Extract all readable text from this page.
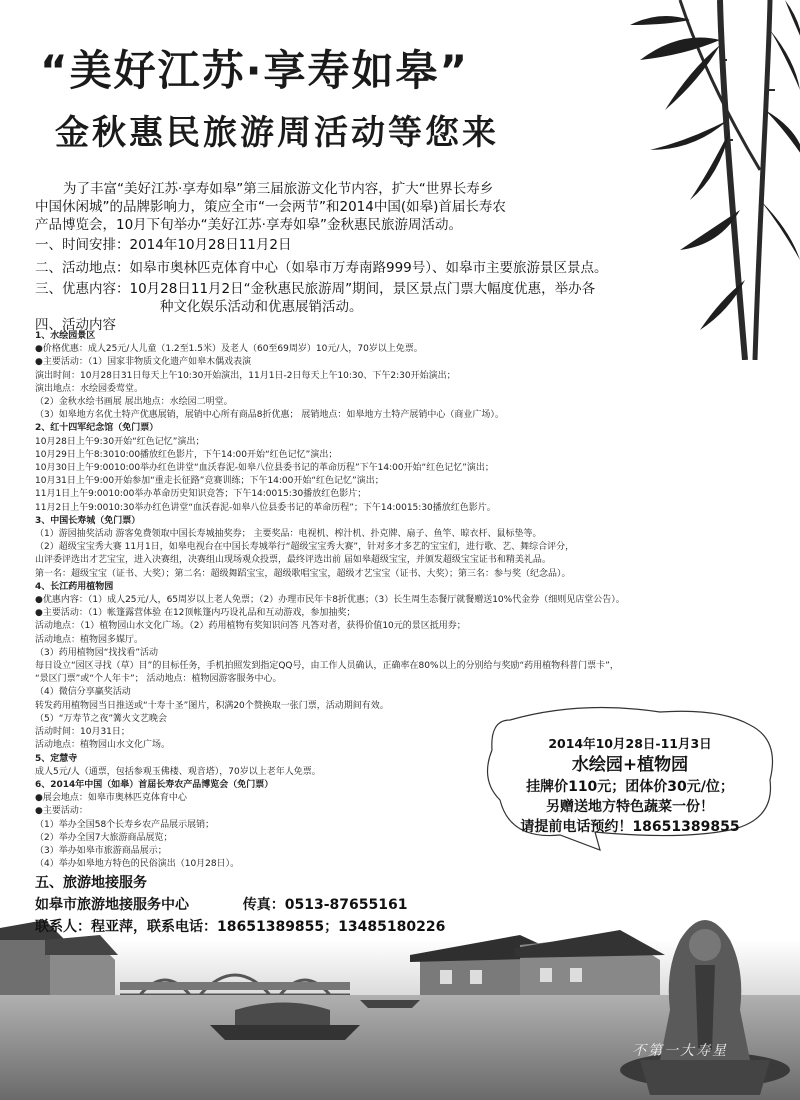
“美好江苏·享寿如皋”
金秋惠民旅游周活动等您来

为了丰富“美好江苏·享寿如皋”第三届旅游文化节内容，扩大“世界长寿乡

中国休闲城”的品牌影响力，策应全市“一会两节”和2014中国(如皋)首届长寿农

产品博览会，10月下旬举办“美好江苏·享寿如皋”金秋惠民旅游周活动。

一、时间安排：2014年10月28日11月2日
二、活动地点：如皋市奥林匹克体育中心（如皋市万寿南路999号）、如皋市主要旅游景区景点。
三、优惠内容：10月28日11月2日“金秋惠民旅游周”期间，景区景点门票大幅度优惠，举办各
种文化娱乐活动和优惠展销活动。
四、活动内容
1、水绘园景区
●价格优惠：成人25元/人儿童（1.2至1.5米）及老人（60至69周岁）10元/人，70岁以上免票。
●主要活动：（1）国家非物质文化遗产如皋木偶戏表演
演出时间：10月28日31日每天上午10:30开始演出，11月1日-2日每天上午10:30、下午2:30开始演出；
演出地点：水绘园委莺堂。
（2）金秋水绘书画展 展出地点：水绘园二明堂。
（3）如皋地方名优土特产优惠展销，展销中心所有商品8折优惠； 展销地点：如皋地方土特产展销中心（商业广场）。
2、红十四军纪念馆（免门票）
10月28日上午9:30开始“红色记忆”演出；
10月29日上午8:3010:00播放红色影片，下午14:00开始“红色记忆”演出；
10月30日上午9:0010:00举办红色讲堂“血沃春泥-如皋八位县委书记的革命历程”下午14:00开始“红色记忆”演出；
10月31日上午9:00开始参加“重走长征路”竞赛训练；下午14:00开始“红色记忆”演出；
11月1日上午9:0010:00举办革命历史知识竞答；下午14:0015:30播放红色影片；
11月2日上午9:0010:30举办红色讲堂“血沃春泥-如皋八位县委书记的革命历程”；下午14:0015:30播放红色影片。
3、中国长寿城（免门票）
（1）游园抽奖活动 游客免费领取中国长寿城抽奖券； 主要奖品：电视机、榨汁机、扑克牌、扇子、鱼竿、晾衣杆、鼠标垫等。
（2）超级宝宝秀大赛 11月1日，如皋电视台在中国长寿城举行“超级宝宝秀大赛”，针对多才多艺的宝宝们，进行歌、艺、舞综合评分，
山评委评选出才艺宝宝，进入决赛组，决赛组山现场观众投票，最终评选出前 届如皋超级宝宝，并颁发超级宝宝证书和精美礼品。
第一名：超级宝宝（证书、大奖）；第二名：超级舞蹈宝宝，超级歌唱宝宝，超级才艺宝宝（证书、大奖）；第三名：参与奖（纪念品）。
4、长江药用植物园
●优惠内容：（1）成人25元/人，65周岁以上老人免票；（2）办理市民年卡8折优惠；（3）长生周生态餐厅就餐赠送10%代金券（细则见店堂公告）。
●主要活动：（1）帐篷露营体验 在12顶帐篷内巧设礼品和互动游戏，参加抽奖；
活动地点：（1）植物园山水文化广场。（2）药用植物有奖知识问答 凡答对者，获得价值10元的景区抵用券；
活动地点：植物园多媒厅。
（3）药用植物园“找找看”活动
每日设立“园区寻找（草）目”的目标任务，手机拍照发到指定QQ号，由工作人员确认，正确率在80%以上的分别给与奖励“药用植物科普门票卡”，
“景区门票”或“个人年卡”； 活动地点：植物园游客服务中心。
（4）微信分享赢奖活动
转发药用植物园当日推送或“十寿十圣”图片，积满20个赞换取一张门票，活动期间有效。
（5）“万寿节之夜”篝火文艺晚会
活动时间：10月31日；
活动地点：植物园山水文化广场。
5、定慧寺
成人5元/人（通票，包括参观玉佛楼、观音塔），70岁以上老年人免票。
6、2014年中国（如皋）首届长寿农产品博览会（免门票）
●展会地点：如皋市奥林匹克体育中心
●主要活动：
（1）举办全国58个长寿乡农产品展示展销；
（2）举办全国7大旅游商品展览；
（3）举办如皋市旅游商品展示；
（4）举办如皋地方特色的民俗演出（10月28日）。
2014年10月28日-11月3日
水绘园+植物园
挂牌价110元；团体价30元/位；
另赠送地方特色蔬菜一份！
请提前电话预约！18651389855
不第一大寿星
五、旅游地接服务
如皋市旅游地接服务中心	传真：0513-87655161
联系人：程亚萍，联系电话：18651389855；13485180226
